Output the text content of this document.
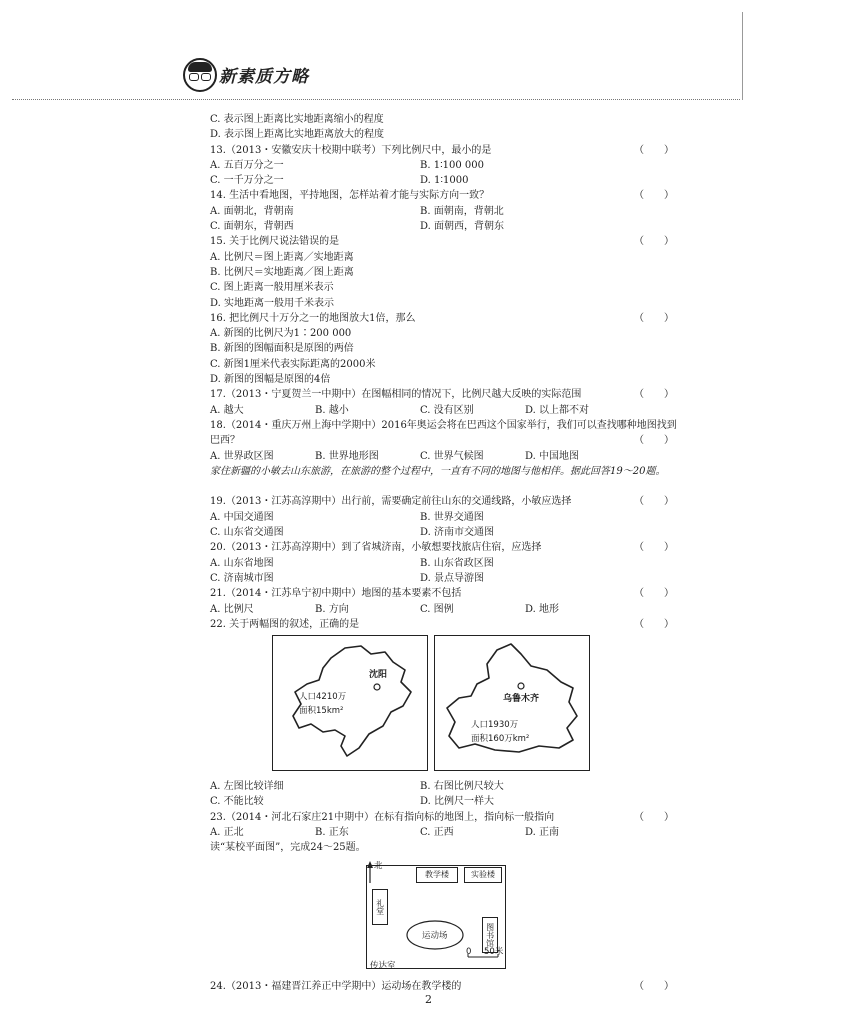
新素质方略
C. 表示图上距离比实地距离缩小的程度
D. 表示图上距离比实地距离放大的程度
13.（2013・安徽安庆十校期中联考）下列比例尺中，最小的是	（　　）
A. 五百万分之一	B. 1∶100 000
C. 一千万分之一	D. 1∶1000
14. 生活中看地图，平持地图，怎样站着才能与实际方向一致？	（　　）
A. 面朝北，背朝南	B. 面朝南，背朝北
C. 面朝东，背朝西	D. 面朝西，背朝东
15. 关于比例尺说法错误的是	（　　）
A. 比例尺＝图上距离／实地距离
B. 比例尺＝实地距离／图上距离
C. 图上距离一般用厘米表示
D. 实地距离一般用千米表示
16. 把比例尺十万分之一的地图放大1倍，那么	（　　）
A. 新图的比例尺为1∶200 000
B. 新图的图幅面积是原图的两倍
C. 新图1厘米代表实际距离的2000米
D. 新图的图幅是原图的4倍
17.（2013・宁夏贺兰一中期中）在图幅相同的情况下，比例尺越大反映的实际范围	（　　）
A. 越大	B. 越小	C. 没有区别	D. 以上都不对
18.（2014・重庆万州上海中学期中）2016年奥运会将在巴西这个国家举行，我们可以查找哪种地图找到巴西？	（　　）
A. 世界政区图	B. 世界地形图	C. 世界气候图	D. 中国地图
家住新疆的小敏去山东旅游，在旅游的整个过程中，一直有不同的地图与他相伴。据此回答19～20题。
19.（2013・江苏高淳期中）出行前，需要确定前往山东的交通线路，小敏应选择	（　　）
A. 中国交通图	B. 世界交通图
C. 山东省交通图	D. 济南市交通图
20.（2013・江苏高淳期中）到了省城济南，小敏想要找旅店住宿，应选择	（　　）
A. 山东省地图	B. 山东省政区图
C. 济南城市图	D. 景点导游图
21.（2014・江苏阜宁初中期中）地图的基本要素不包括	（　　）
A. 比例尺	B. 方向	C. 图例	D. 地形
22. 关于两幅图的叙述，正确的是	（　　）
沈阳
人口4210万
面积15km²
乌鲁木齐
人口1930万
面积160万km²
A. 左图比较详细	B. 右图比例尺较大
C. 不能比较	D. 比例尺一样大
23.（2014・河北石家庄21中期中）在标有指向标的地图上，指向标一般指向	（　　）
A. 正北	B. 正东	C. 正西	D. 正南
读“某校平面图”，完成24～25题。
北
教学楼	实验楼
礼堂
运动场	图书馆
传达室
0 50米
24.（2013・福建晋江养正中学期中）运动场在教学楼的	（　　）
2
